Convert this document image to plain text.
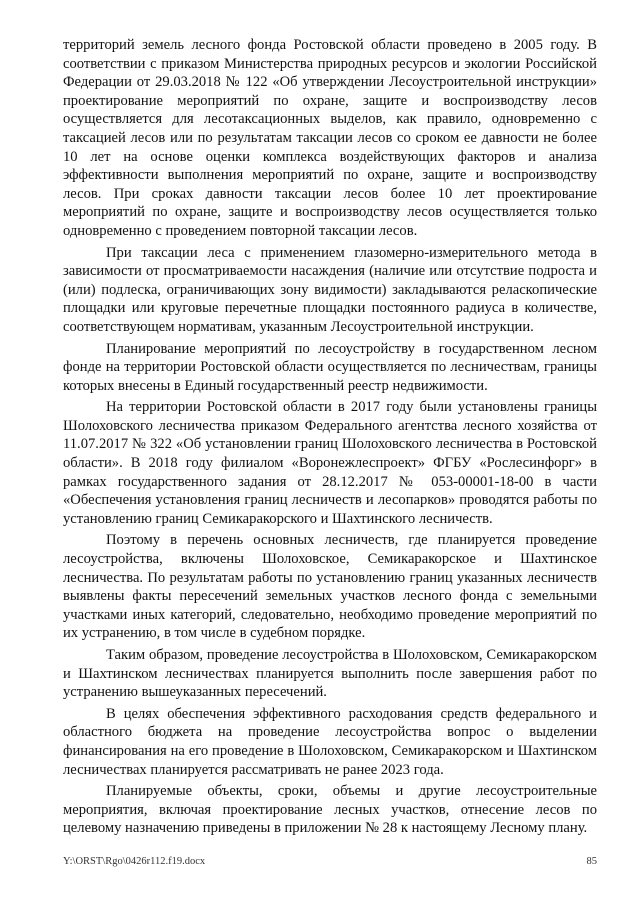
территорий земель лесного фонда Ростовской области проведено в 2005 году. В соответствии с приказом Министерства природных ресурсов и экологии Российской Федерации от 29.03.2018 № 122 «Об утверждении Лесоустроительной инструкции» проектирование мероприятий по охране, защите и воспроизводству лесов осуществляется для лесотаксационных выделов, как правило, одновременно с таксацией лесов или по результатам таксации лесов со сроком ее давности не более 10 лет на основе оценки комплекса воздействующих факторов и анализа эффективности выполнения мероприятий по охране, защите и воспроизводству лесов. При сроках давности таксации лесов более 10 лет проектирование мероприятий по охране, защите и воспроизводству лесов осуществляется только одновременно с проведением повторной таксации лесов.

При таксации леса с применением глазомерно-измерительного метода в зависимости от просматриваемости насаждения (наличие или отсутствие подроста и (или) подлеска, ограничивающих зону видимости) закладываются реласкопические площадки или круговые перечетные площадки постоянного радиуса в количестве, соответствующем нормативам, указанным Лесоустроительной инструкции.

Планирование мероприятий по лесоустройству в государственном лесном фонде на территории Ростовской области осуществляется по лесничествам, границы которых внесены в Единый государственный реестр недвижимости.

На территории Ростовской области в 2017 году были установлены границы Шолоховского лесничества приказом Федерального агентства лесного хозяйства от 11.07.2017 № 322 «Об установлении границ Шолоховского лесничества в Ростовской области». В 2018 году филиалом «Воронежлеспроект» ФГБУ «Рослесинфорг» в рамках государственного задания от 28.12.2017 № 053-00001-18-00 в части «Обеспечения установления границ лесничеств и лесопарков» проводятся работы по установлению границ Семикаракорского и Шахтинского лесничеств.

Поэтому в перечень основных лесничеств, где планируется проведение лесоустройства, включены Шолоховское, Семикаракорское и Шахтинское лесничества. По результатам работы по установлению границ указанных лесничеств выявлены факты пересечений земельных участков лесного фонда с земельными участками иных категорий, следовательно, необходимо проведение мероприятий по их устранению, в том числе в судебном порядке.

Таким образом, проведение лесоустройства в Шолоховском, Семикаракорском и Шахтинском лесничествах планируется выполнить после завершения работ по устранению вышеуказанных пересечений.

В целях обеспечения эффективного расходования средств федерального и областного бюджета на проведение лесоустройства вопрос о выделении финансирования на его проведение в Шолоховском, Семикаракорском и Шахтинском лесничествах планируется рассматривать не ранее 2023 года.

Планируемые объекты, сроки, объемы и другие лесоустроительные мероприятия, включая проектирование лесных участков, отнесение лесов по целевому назначению приведены в приложении № 28 к настоящему Лесному плану.

Y:\ORST\Rgo\0426r112.f19.docx	85
